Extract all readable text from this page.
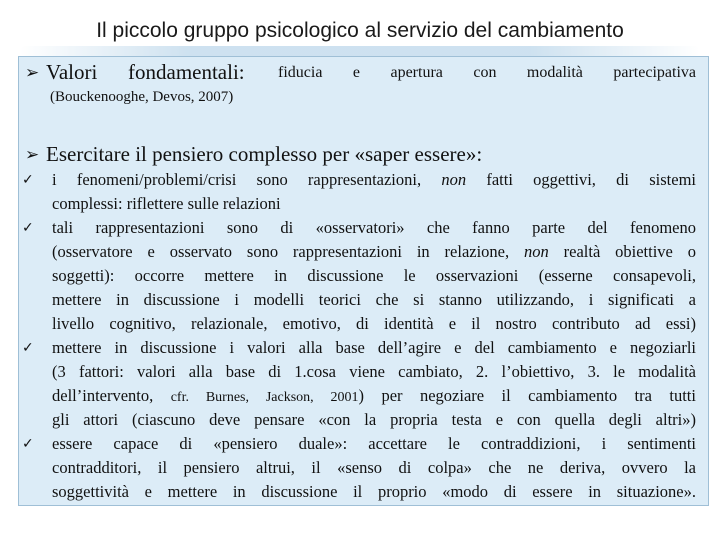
Il piccolo gruppo psicologico al servizio del cambiamento
➢ Valori fondamentali: fiducia e apertura con modalità partecipativa
(Bouckenooghe, Devos, 2007)
➢ Esercitare il pensiero complesso per «saper essere»:
✓ i fenomeni/problemi/crisi sono rappresentazioni, non fatti oggettivi, di sistemi
complessi: riflettere sulle relazioni
✓ tali rappresentazioni sono di «osservatori» che fanno parte del fenomeno
(osservatore e osservato sono rappresentazioni in relazione, non realtà obiettive o
soggetti): occorre mettere in discussione le osservazioni (esserne consapevoli,
mettere in discussione i modelli teorici che si stanno utilizzando, i significati a
livello cognitivo, relazionale, emotivo, di identità e il nostro contributo ad essi)
✓ mettere in discussione i valori alla base dell’agire e del cambiamento e negoziarli
(3 fattori: valori alla base di 1.cosa viene cambiato, 2. l’obiettivo, 3. le modalità
dell’intervento, cfr. Burnes, Jackson, 2001) per negoziare il cambiamento tra tutti
gli attori (ciascuno deve pensare «con la propria testa e con quella degli altri»)
✓ essere capace di «pensiero duale»: accettare le contraddizioni, i sentimenti
contradditori, il pensiero altrui, il «senso di colpa» che ne deriva, ovvero la
soggettività e mettere in discussione il proprio «modo di essere in situazione».
